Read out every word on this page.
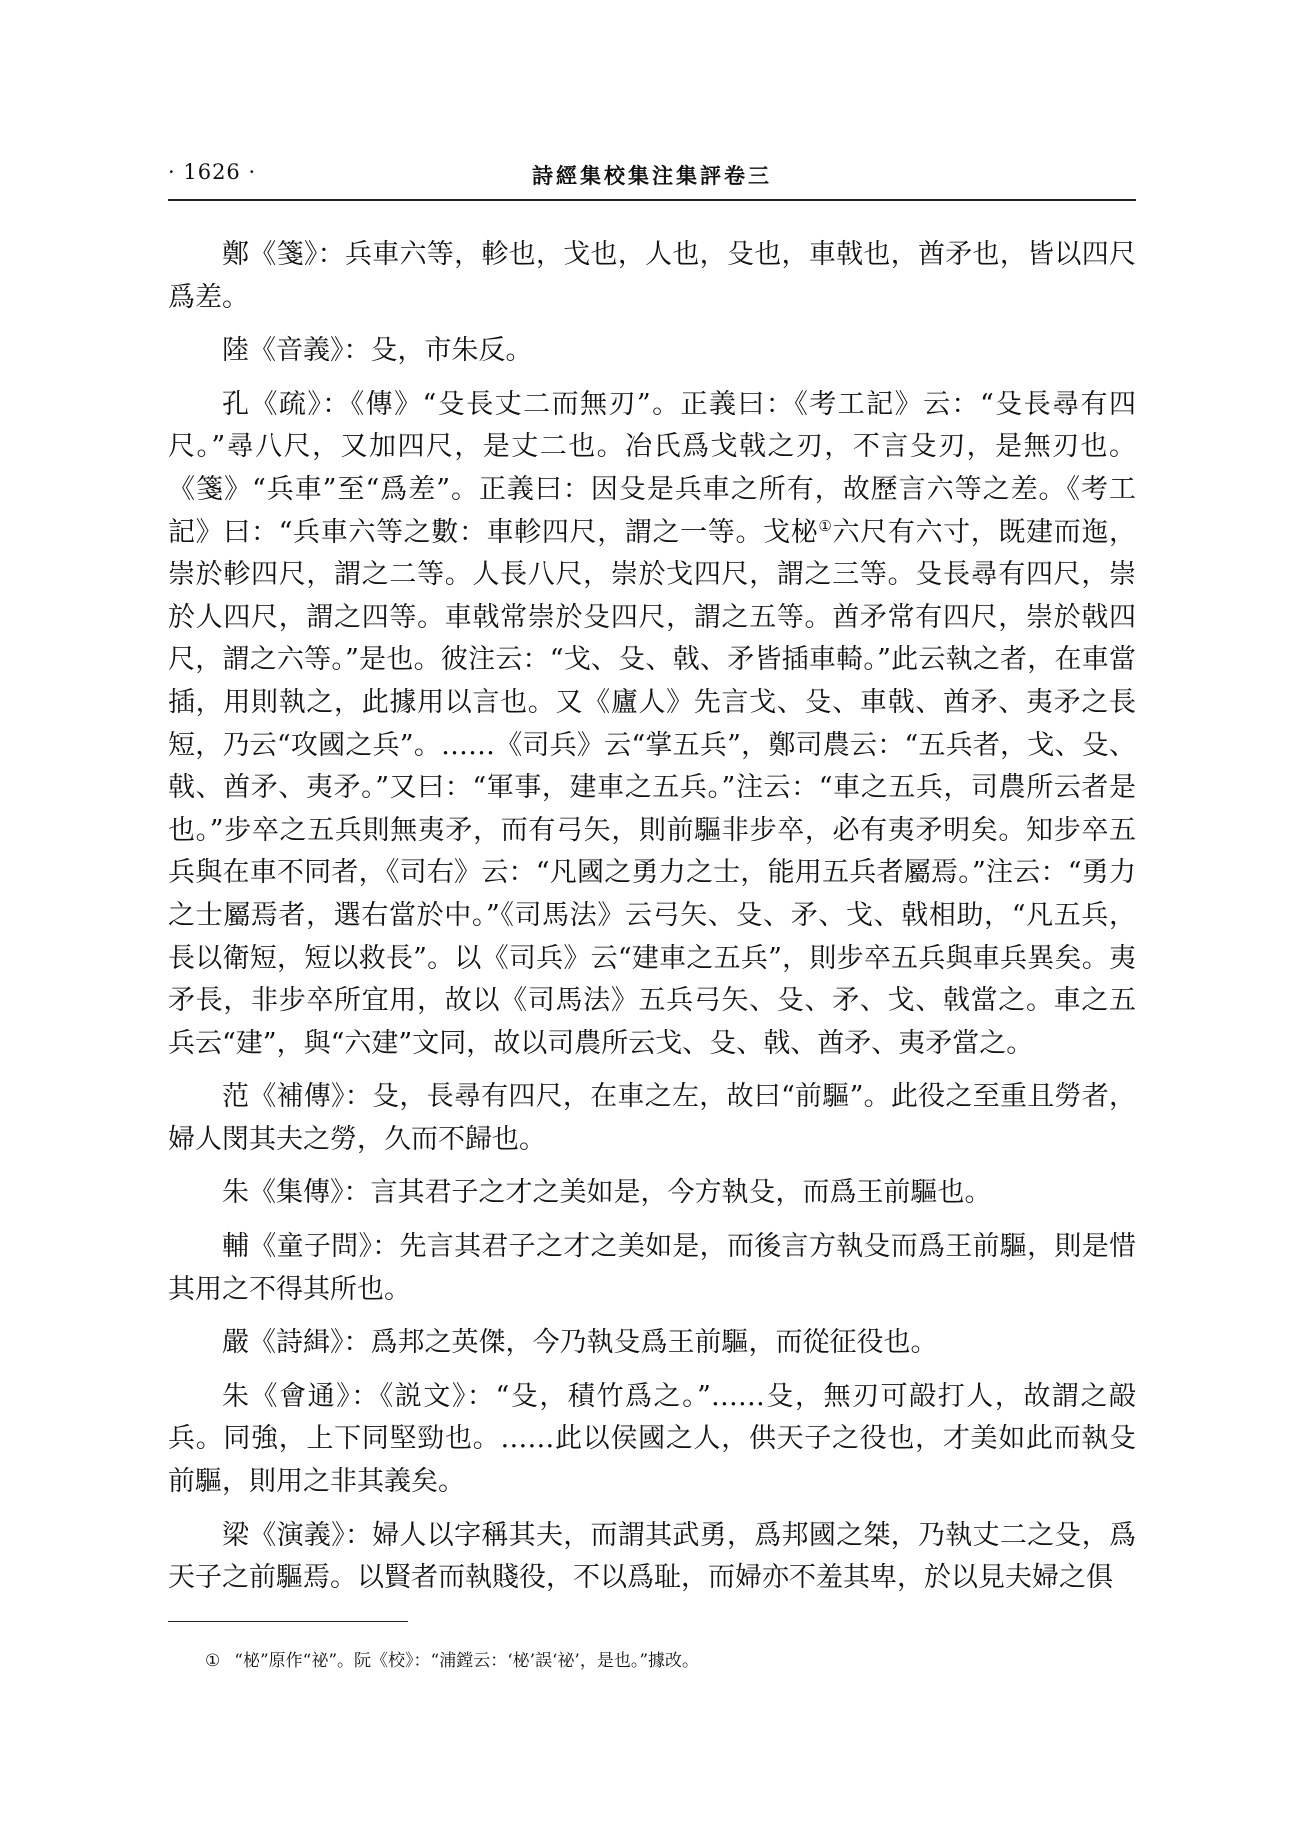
· 1626 ·	詩經集校集注集評卷三

鄭《箋》：兵車六等，軫也，戈也，人也，殳也，車戟也，酋矛也，皆以四尺爲差。

陸《音義》：殳，市朱反。

孔《疏》：《傳》“殳長丈二而無刃”。正義曰：《考工記》云：“殳長尋有四尺。”尋八尺，又加四尺，是丈二也。冶氏爲戈戟之刃，不言殳刃，是無刃也。《箋》“兵車”至“爲差”。正義曰：因殳是兵車之所有，故歷言六等之差。《考工記》曰：“兵車六等之數：車軫四尺，謂之一等。戈柲①六尺有六寸，既建而迤，崇於軫四尺，謂之二等。人長八尺，崇於戈四尺，謂之三等。殳長尋有四尺，崇於人四尺，謂之四等。車戟常崇於殳四尺，謂之五等。酋矛常有四尺，崇於戟四尺，謂之六等。”是也。彼注云：“戈、殳、戟、矛皆插車輢。”此云執之者，在車當插，用則執之，此據用以言也。又《廬人》先言戈、殳、車戟、酋矛、夷矛之長短，乃云“攻國之兵”。……《司兵》云“掌五兵”，鄭司農云：“五兵者，戈、殳、戟、酋矛、夷矛。”又曰：“軍事，建車之五兵。”注云：“車之五兵，司農所云者是也。”步卒之五兵則無夷矛，而有弓矢，則前驅非步卒，必有夷矛明矣。知步卒五兵與在車不同者，《司右》云：“凡國之勇力之士，能用五兵者屬焉。”注云：“勇力之士屬焉者，選右當於中。”《司馬法》云弓矢、殳、矛、戈、戟相助，“凡五兵，長以衛短，短以救長”。以《司兵》云“建車之五兵”，則步卒五兵與車兵異矣。夷矛長，非步卒所宜用，故以《司馬法》五兵弓矢、殳、矛、戈、戟當之。車之五兵云“建”，與“六建”文同，故以司農所云戈、殳、戟、酋矛、夷矛當之。

范《補傳》：殳，長尋有四尺，在車之左，故曰“前驅”。此役之至重且勞者，婦人閔其夫之勞，久而不歸也。

朱《集傳》：言其君子之才之美如是，今方執殳，而爲王前驅也。

輔《童子問》：先言其君子之才之美如是，而後言方執殳而爲王前驅，則是惜其用之不得其所也。

嚴《詩緝》：爲邦之英傑，今乃執殳爲王前驅，而從征役也。

朱《會通》：《説文》：“殳，積竹爲之。”……殳，無刃可毃打人，故謂之毃兵。同強，上下同堅勁也。……此以侯國之人，供天子之役也，才美如此而執殳前驅，則用之非其義矣。

梁《演義》：婦人以字稱其夫，而謂其武勇，爲邦國之桀，乃執丈二之殳，爲天子之前驅焉。以賢者而執賤役，不以爲耻，而婦亦不羞其卑，於以見夫婦之俱

① “柲”原作“祕”。阮《校》：“浦鏜云：‘柲’誤‘祕’，是也。”據改。
